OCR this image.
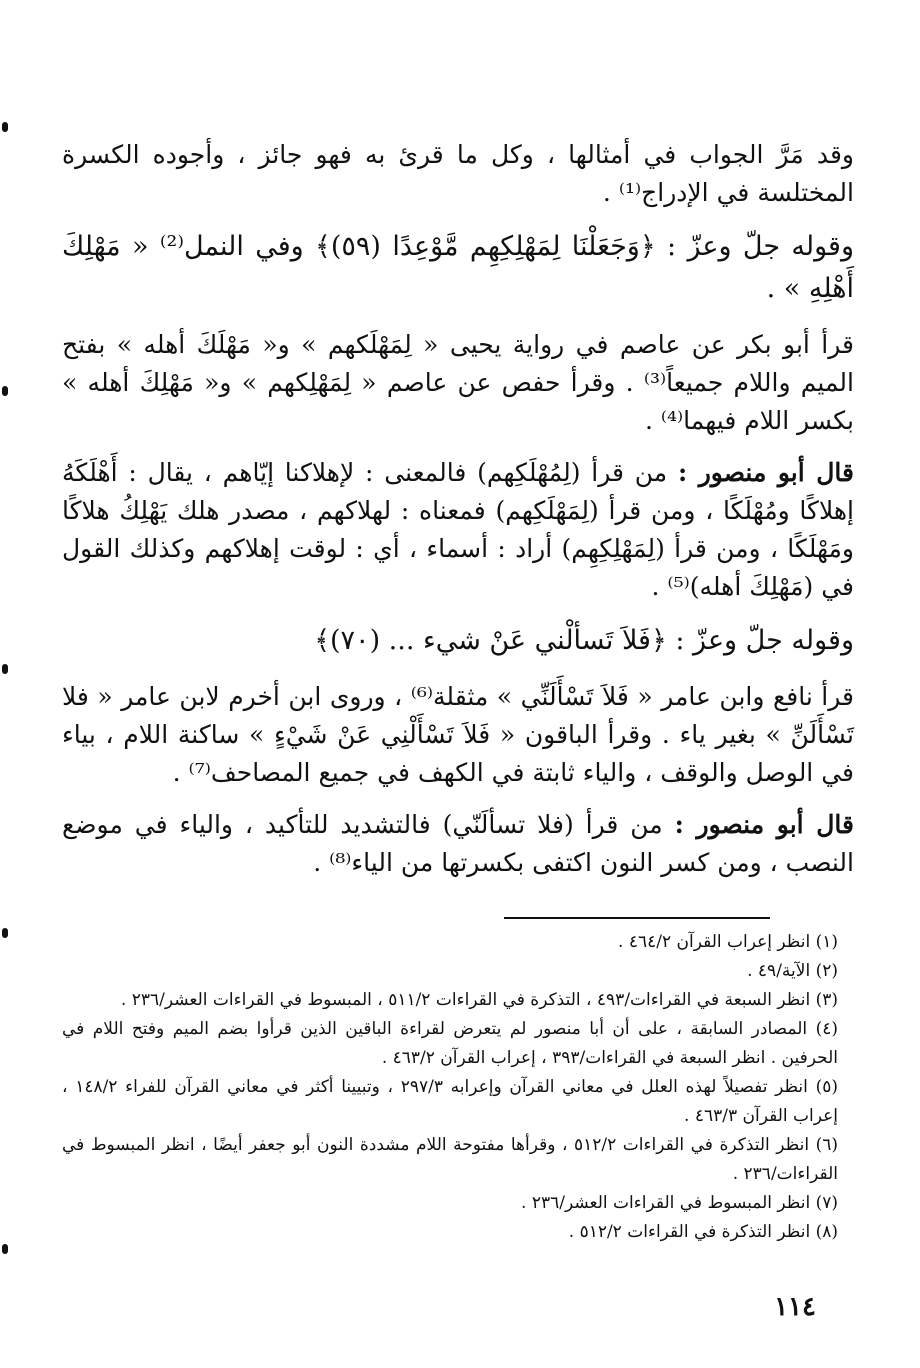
وقد مَرَّ الجواب في أمثالها ، وكل ما قرئ به فهو جائز ، وأجوده الكسرة المختلسة في الإدراج⁽¹⁾ .

وقوله جلّ وعزّ : ﴿وَجَعَلْنَا لِمَهْلِكِهِم مَّوْعِدًا (٥٩)﴾ وفي النمل⁽²⁾ « مَهْلِكَ أَهْلِهِ » .

قرأ أبو بكر عن عاصم في رواية يحيى « لِمَهْلَكهم » و« مَهْلَكَ أهله » بفتح الميم واللام جميعاً⁽³⁾ . وقرأ حفص عن عاصم « لِمَهْلِكهم » و« مَهْلِكَ أهله » بكسر اللام فيهما⁽⁴⁾ .

قال أبو منصور : من قرأ (لِمُهْلَكِهم) فالمعنى : لإهلاكنا إيّاهم ، يقال : أَهْلَكَهُ إهلاكًا ومُهْلَكًا ، ومن قرأ (لِمَهْلَكِهم) فمعناه : لهلاكهم ، مصدر هلك يَهْلِكُ هلاكًا ومَهْلَكًا ، ومن قرأ (لِمَهْلِكِهِم) أراد : أسماء ، أي : لوقت إهلاكهم وكذلك القول في (مَهْلِكَ أهله)⁽⁵⁾ .

وقوله جلّ وعزّ : ﴿فَلاَ تَسألْني عَنْ شيء ... (٧٠)﴾

قرأ نافع وابن عامر « فَلاَ تَسْأَلَنِّي » مثقلة⁽⁶⁾ ، وروى ابن أخرم لابن عامر « فلا تَسْأَلَنِّ » بغير ياء . وقرأ الباقون « فَلاَ تَسْأَلْنِي عَنْ شَيْءٍ » ساكنة اللام ، بياء في الوصل والوقف ، والياء ثابتة في الكهف في جميع المصاحف⁽⁷⁾ .

قال أبو منصور : من قرأ (فلا تسألَنّي) فالتشديد للتأكيد ، والياء في موضع النصب ، ومن كسر النون اكتفى بكسرتها من الياء⁽⁸⁾ .

(١) انظر إعراب القرآن ٤٦٤/٢ .

(٢) الآية/٤٩ .

(٣) انظر السبعة في القراءات/٤٩٣ ، التذكرة في القراءات ٥١١/٢ ، المبسوط في القراءات العشر/٢٣٦ .

(٤) المصادر السابقة ، على أن أبا منصور لم يتعرض لقراءة الباقين الذين قرأوا بضم الميم وفتح اللام في الحرفين . انظر السبعة في القراءات/٣٩٣ ، إعراب القرآن ٤٦٣/٢ .

(٥) انظر تفصيلاً لهذه العلل في معاني القرآن وإعرابه ٢٩٧/٣ ، وتبيينا أكثر في معاني القرآن للفراء ١٤٨/٢ ، إعراب القرآن ٤٦٣/٣ .

(٦) انظر التذكرة في القراءات ٥١٢/٢ ، وقرأها مفتوحة اللام مشددة النون أبو جعفر أيضًا ، انظر المبسوط في القراءات/٢٣٦ .

(٧) انظر المبسوط في القراءات العشر/٢٣٦ .

(٨) انظر التذكرة في القراءات ٥١٢/٢ .

١١٤
